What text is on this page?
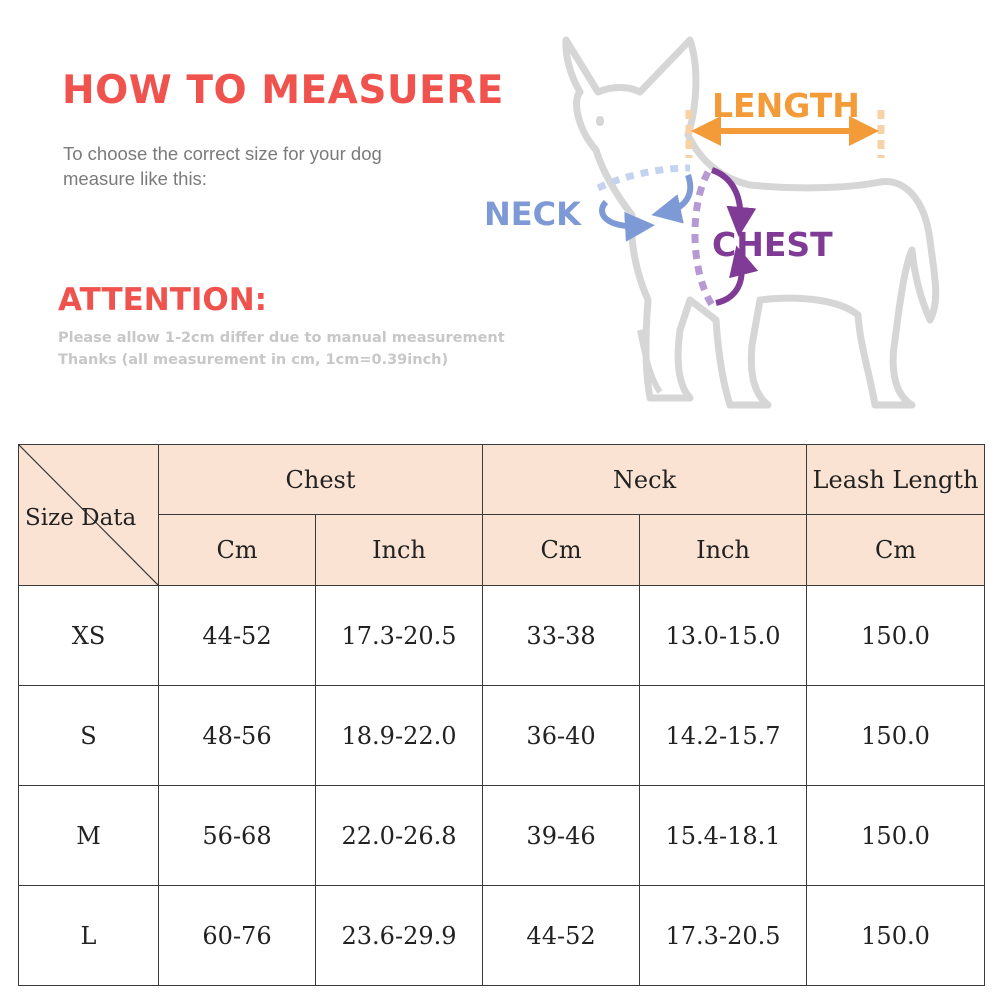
HOW TO MEASUERE
To choose the correct size for your dog
measure like this:
ATTENTION:
Please allow 1-2cm differ due to manual measurement
Thanks (all measurement in cm, 1cm=0.39inch)
LENGTH
NECK
CHEST
Size Data	Chest		Neck		Leash Length
	Cm	Inch	Cm	Inch	Cm
XS	44-52	17.3-20.5	33-38	13.0-15.0	150.0
S	48-56	18.9-22.0	36-40	14.2-15.7	150.0
M	56-68	22.0-26.8	39-46	15.4-18.1	150.0
L	60-76	23.6-29.9	44-52	17.3-20.5	150.0
